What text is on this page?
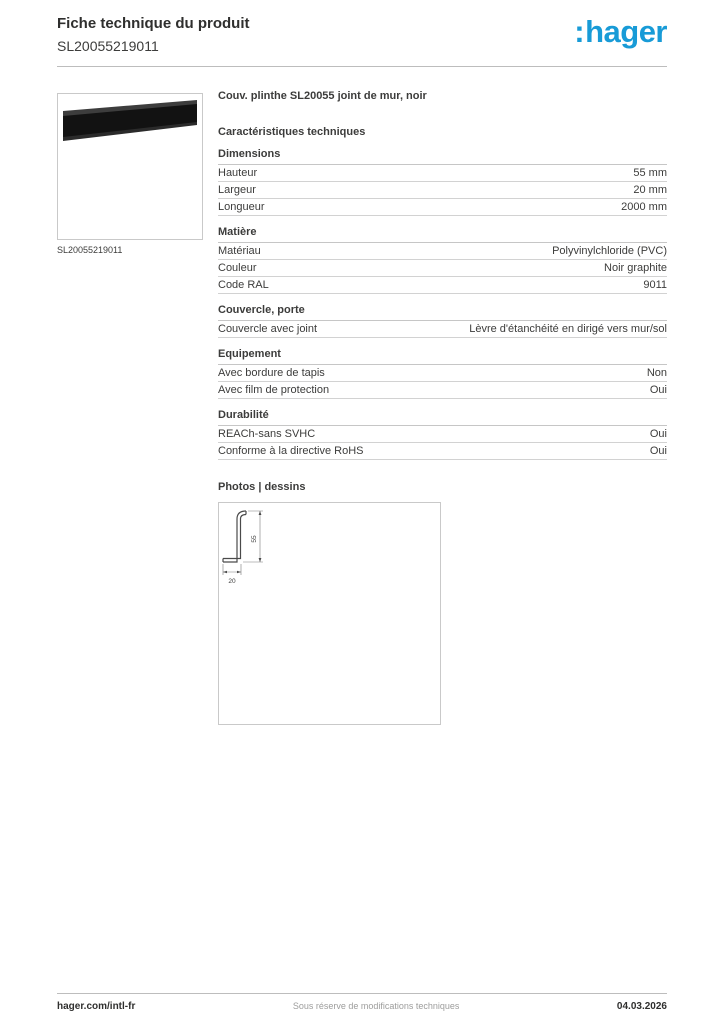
Fiche technique du produit
SL20055219011	:hager
SL20055219011
Couv. plinthe SL20055 joint de mur, noir
Caractéristiques techniques
Dimensions
Hauteur	55 mm
Largeur	20 mm
Longueur	2000 mm
Matière
Matériau	Polyvinylchloride (PVC)
Couleur	Noir graphite
Code RAL	9011
Couvercle, porte
Couvercle avec joint	Lèvre d'étanchéité en dirigé vers mur/sol
Equipement
Avec bordure de tapis	Non
Avec film de protection	Oui
Durabilité
REACh-sans SVHC	Oui
Conforme à la directive RoHS	Oui
Photos | dessins
55
20
hager.com/intl-fr	Sous réserve de modifications techniques	04.03.2026
